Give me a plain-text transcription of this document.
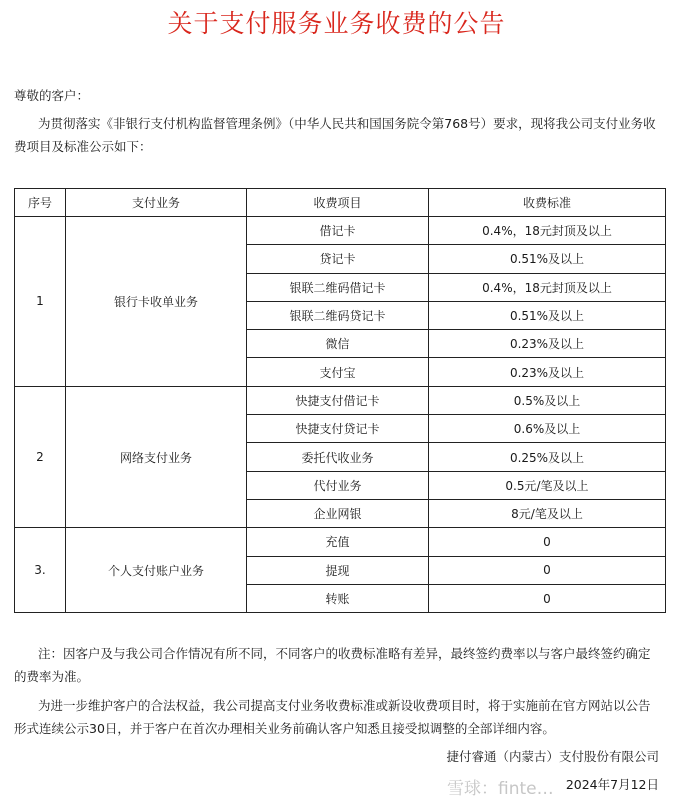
关于支付服务业务收费的公告

尊敬的客户：

为贯彻落实《非银行支付机构监督管理条例》（中华人民共和国国务院令第768号）要求，现将我公司支付业务收费项目及标准公示如下：

序号	支付业务	收费项目	收费标准
1	银行卡收单业务	借记卡	0.4%，18元封顶及以上
		贷记卡	0.51%及以上
		银联二维码借记卡	0.4%，18元封顶及以上
		银联二维码贷记卡	0.51%及以上
		微信	0.23%及以上
		支付宝	0.23%及以上
2	网络支付业务	快捷支付借记卡	0.5%及以上
		快捷支付贷记卡	0.6%及以上
		委托代收业务	0.25%及以上
		代付业务	0.5元/笔及以上
		企业网银	8元/笔及以上
3.	个人支付账户业务	充值	0
		提现	0
		转账	0

注：因客户及与我公司合作情况有所不同，不同客户的收费标准略有差异，最终签约费率以与客户最终签约确定的费率为准。

为进一步维护客户的合法权益，我公司提高支付业务收费标准或新设收费项目时，将于实施前在官方网站以公告形式连续公示30日，并于客户在首次办理相关业务前确认客户知悉且接受拟调整的全部详细内容。

捷付睿通（内蒙古）支付股份有限公司
雪球：finte… 2024年7月12日
